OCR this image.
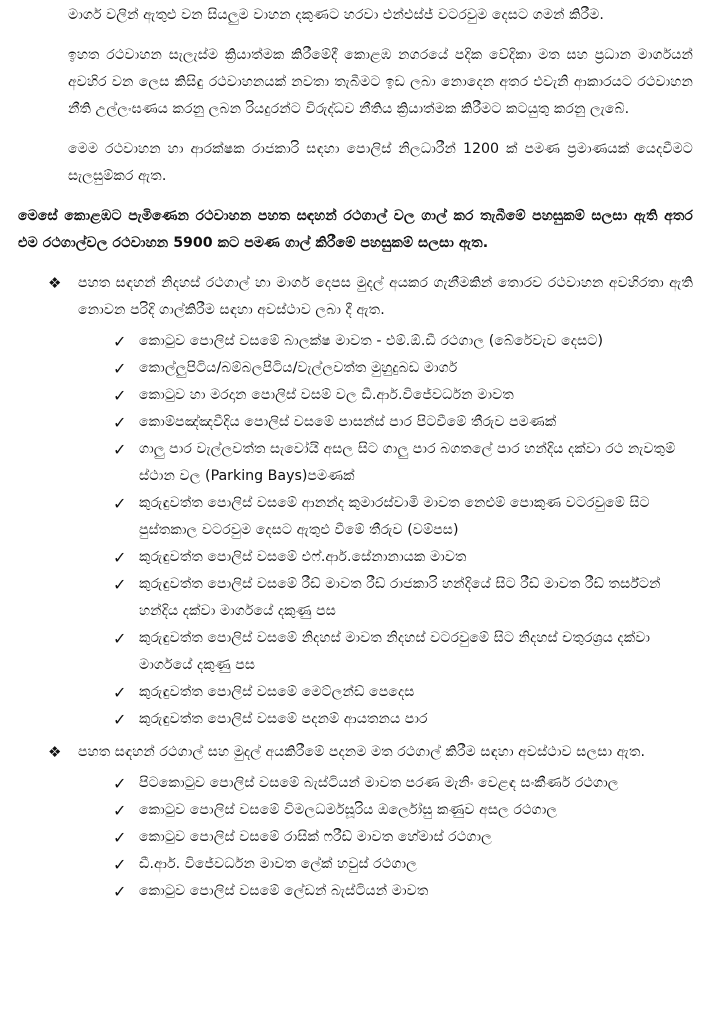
මාර්ග වලින් ඇතුළු වන සියලුම වාහන දකුණට හරවා එන්එස්ජ් වටරවුම දෙසට ගමන් කිරීම.

ඉහත රථවාහන සැලැස්ම ක්‍රියාත්මක කිරීමේදී කොළඹ නගරයේ පදික වේදිකා මත සහ ප්‍රධාන මාර්ගයන් අවහිර වන ලෙස කිසිඳු රථවාහනයක් නවතා තැබීමට ඉඩ ලබා නොදෙන අතර එවැනි ආකාරයට රථවාහන නීති උල්ලංඝණය කරනු ලබන රියදුරන්ට විරුද්ධව නීතිය ක්‍රියාත්මක කිරීමට කටයුතු කරනු ලැබේ.

මෙම රථවාහන හා ආරක්ෂක රාජකාරි සඳහා පොලිස් නිලධාරීන් 1200 ක් පමණ ප්‍රමාණයක් යෙදවීමට සැලසුම්කර ඇත.

මෙසේ කොළඹට පැමිණෙන රථවාහන පහත සඳහන් රථගාල් වල ගාල් කර තැබීමේ පහසුකම් සලසා ඇති අතර එම රථගාල්වල රථවාහන 5900 කට පමණ ගාල් කිරීමේ පහසුකම් සලසා ඇත.

❖	පහත සඳහන් නිදහස් රථගාල් හා මාර්ග දෙපස මුදල් අයකර ගැනීමකින් තොරව රථවාහන අවහිරතා ඇති නොවන පරිදි ගාල්කිරීම සඳහා අවස්ථාව ලබා දී ඇත.
✓ කොටුව පොලිස් වසමේ බාලක්ෂ මාවත - එම්.ඕ.ඩී රථගාල (බේරේවැව දෙසට)
✓ කොල්ලුපිටිය/බම්බලපිටිය/වැල්ලවත්ත මුහුදුබඩ මාර්ග
✓ කොටුව හා මරදාන පොලිස් වසම් වල ඩී.ආර්.විජේවර්ධන මාවත
✓ කොම්පඤ්ඤවීදිය පොලිස් වසමේ පාසන්ස් පාර පිටවීමේ තීරුව පමණක්
✓ ගාලු පාර වැල්ලවත්ත සැවෝයි අසල සිට ගාලු පාර බගතලේ පාර හන්දිය දක්වා රථ නැවතුම් ස්ථාන වල (Parking Bays)පමණක්
✓ කුරුඳුවත්ත පොලිස් වසමේ ආනන්ද කුමාරස්වාමි මාවත නෙළුම් පොකුණ වටරවුමේ සිට පුස්තකාල වටරවුම දෙසට ඇතුළු වීමේ තීරුව (වම්පස)
✓ කුරුඳුවත්ත පොලිස් වසමේ එෆ්.ආර්.සේනානායක මාවත
✓ කුරුඳුවත්ත පොලිස් වසමේ රීඩ් මාවත රීඩ් රාජකාරි හන්දියේ සිට රීඩ් මාවත රීඩ් තර්ස්ටන් හන්දිය දක්වා මාර්ගයේ දකුණු පස
✓ කුරුඳුවත්ත පොලිස් වසමේ නිදහස් මාවත නිදහස් වටරවුමේ සිට නිදහස් චතුරශ්‍රය දක්වා මාර්ගයේ දකුණු පස
✓ කුරුඳුවත්ත පොලිස් වසමේ මෙට්ලන්ඩ් පෙදෙස
✓ කුරුඳුවත්ත පොලිස් වසමේ පදනම් ආයතනය පාර
❖	පහත සඳහන් රථගාල් සහ මුදල් අයකිරීමේ පදනම මත රථගාල් කිරීම සඳහා අවස්ථාව සලසා ඇත.
✓ පිටකොටුව පොලිස් වසමේ බැස්ටියන් මාවත පරණ මැනිං වෙළඳ සංකීර්ණ රථගාල
✓ කොටුව පොලිස් වසමේ විමලධර්මසූරිය ඔර්ලෝසු කණුව අසල රථගාල
✓ කොටුව පොලිස් වසමේ රාසික් ෆරීඩ් මාවත හේමාස් රථගාල
✓ ඩී.ආර්. විජේවර්ධන මාවත ලේක් හවුස් රථගාල
✓ කොටුව පොලිස් වසමේ ලේඩන් බැස්ටියන් මාවත
